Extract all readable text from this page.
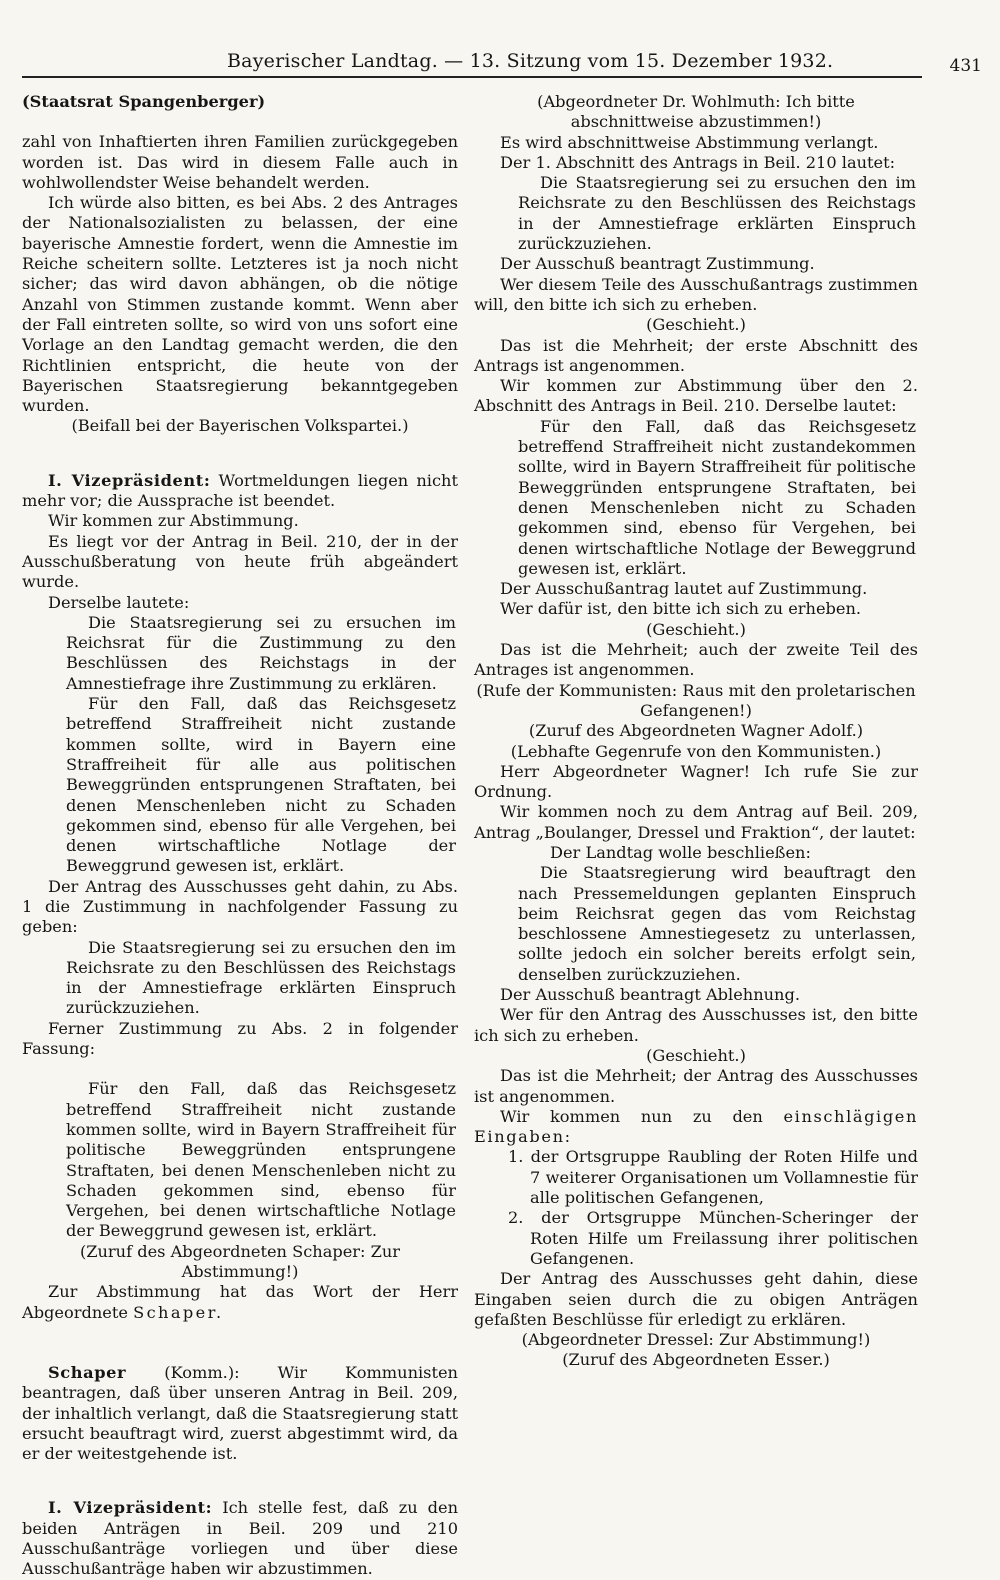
Bayerischer Landtag. — 13. Sitzung vom 15. Dezember 1932.	431

(Staatsrat Spangenberger)

zahl von Inhaftierten ihren Familien zurückgegeben worden ist. Das wird in diesem Falle auch in wohlwollendster Weise behandelt werden.

Ich würde also bitten, es bei Abs. 2 des Antrages der Nationalsozialisten zu belassen, der eine bayerische Amnestie fordert, wenn die Amnestie im Reiche scheitern sollte. Letzteres ist ja noch nicht sicher; das wird davon abhängen, ob die nötige Anzahl von Stimmen zustande kommt. Wenn aber der Fall eintreten sollte, so wird von uns sofort eine Vorlage an den Landtag gemacht werden, die den Richtlinien entspricht, die heute von der Bayerischen Staatsregierung bekanntgegeben wurden.

(Beifall bei der Bayerischen Volkspartei.)

I. Vizepräsident: Wortmeldungen liegen nicht mehr vor; die Aussprache ist beendet.

Wir kommen zur Abstimmung.

Es liegt vor der Antrag in Beil. 210, der in der Ausschußberatung von heute früh abgeändert wurde.

Derselbe lautete:

Die Staatsregierung sei zu ersuchen im Reichsrat für die Zustimmung zu den Beschlüssen des Reichstags in der Amnestiefrage ihre Zustimmung zu erklären.

Für den Fall, daß das Reichsgesetz betreffend Straffreiheit nicht zustande kommen sollte, wird in Bayern eine Straffreiheit für alle aus politischen Beweggründen entsprungenen Straftaten, bei denen Menschenleben nicht zu Schaden gekommen sind, ebenso für alle Vergehen, bei denen wirtschaftliche Notlage der Beweggrund gewesen ist, erklärt.

Der Antrag des Ausschusses geht dahin, zu Abs. 1 die Zustimmung in nachfolgender Fassung zu geben:

Die Staatsregierung sei zu ersuchen den im Reichsrate zu den Beschlüssen des Reichstags in der Amnestiefrage erklärten Einspruch zurückzuziehen.

Ferner Zustimmung zu Abs. 2 in folgender Fassung:

Für den Fall, daß das Reichsgesetz betreffend Straffreiheit nicht zustande kommen sollte, wird in Bayern Straffreiheit für politische Beweggründen entsprungene Straftaten, bei denen Menschenleben nicht zu Schaden gekommen sind, ebenso für Vergehen, bei denen wirtschaftliche Notlage der Beweggrund gewesen ist, erklärt.

(Zuruf des Abgeordneten Schaper: Zur Abstimmung!)

Zur Abstimmung hat das Wort der Herr Abgeordnete Schaper.

Schaper (Komm.): Wir Kommunisten beantragen, daß über unseren Antrag in Beil. 209, der inhaltlich verlangt, daß die Staatsregierung statt ersucht beauftragt wird, zuerst abgestimmt wird, da er der weitestgehende ist.

I. Vizepräsident: Ich stelle fest, daß zu den beiden Anträgen in Beil. 209 und 210 Ausschußanträge vorliegen und über diese Ausschußanträge haben wir abzustimmen.

(Abgeordneter Dr. Wohlmuth: Ich bitte abschnittweise abzustimmen!)

Es wird abschnittweise Abstimmung verlangt.

Der 1. Abschnitt des Antrags in Beil. 210 lautet:

Die Staatsregierung sei zu ersuchen den im Reichsrate zu den Beschlüssen des Reichstags in der Amnestiefrage erklärten Einspruch zurückzuziehen.

Der Ausschuß beantragt Zustimmung.

Wer diesem Teile des Ausschußantrags zustimmen will, den bitte ich sich zu erheben.

(Geschieht.)

Das ist die Mehrheit; der erste Abschnitt des Antrags ist angenommen.

Wir kommen zur Abstimmung über den 2. Abschnitt des Antrags in Beil. 210. Derselbe lautet:

Für den Fall, daß das Reichsgesetz betreffend Straffreiheit nicht zustandekommen sollte, wird in Bayern Straffreiheit für politische Beweggründen entsprungene Straftaten, bei denen Menschenleben nicht zu Schaden gekommen sind, ebenso für Vergehen, bei denen wirtschaftliche Notlage der Beweggrund gewesen ist, erklärt.

Der Ausschußantrag lautet auf Zustimmung.

Wer dafür ist, den bitte ich sich zu erheben.

(Geschieht.)

Das ist die Mehrheit; auch der zweite Teil des Antrages ist angenommen.

(Rufe der Kommunisten: Raus mit den proletarischen Gefangenen!)

(Zuruf des Abgeordneten Wagner Adolf.)

(Lebhafte Gegenrufe von den Kommunisten.)

Herr Abgeordneter Wagner! Ich rufe Sie zur Ordnung.

Wir kommen noch zu dem Antrag auf Beil. 209, Antrag „Boulanger, Dressel und Fraktion“, der lautet:

Der Landtag wolle beschließen:

Die Staatsregierung wird beauftragt den nach Pressemeldungen geplanten Einspruch beim Reichsrat gegen das vom Reichstag beschlossene Amnestiegesetz zu unterlassen, sollte jedoch ein solcher bereits erfolgt sein, denselben zurückzuziehen.

Der Ausschuß beantragt Ablehnung.

Wer für den Antrag des Ausschusses ist, den bitte ich sich zu erheben.

(Geschieht.)

Das ist die Mehrheit; der Antrag des Ausschusses ist angenommen.

Wir kommen nun zu den einschlägigen Eingaben:

1. der Ortsgruppe Raubling der Roten Hilfe und 7 weiterer Organisationen um Vollamnestie für alle politischen Gefangenen,

2. der Ortsgruppe München-Scheringer der Roten Hilfe um Freilassung ihrer politischen Gefangenen.

Der Antrag des Ausschusses geht dahin, diese Eingaben seien durch die zu obigen Anträgen gefaßten Beschlüsse für erledigt zu erklären.

(Abgeordneter Dressel: Zur Abstimmung!)

(Zuruf des Abgeordneten Esser.)
